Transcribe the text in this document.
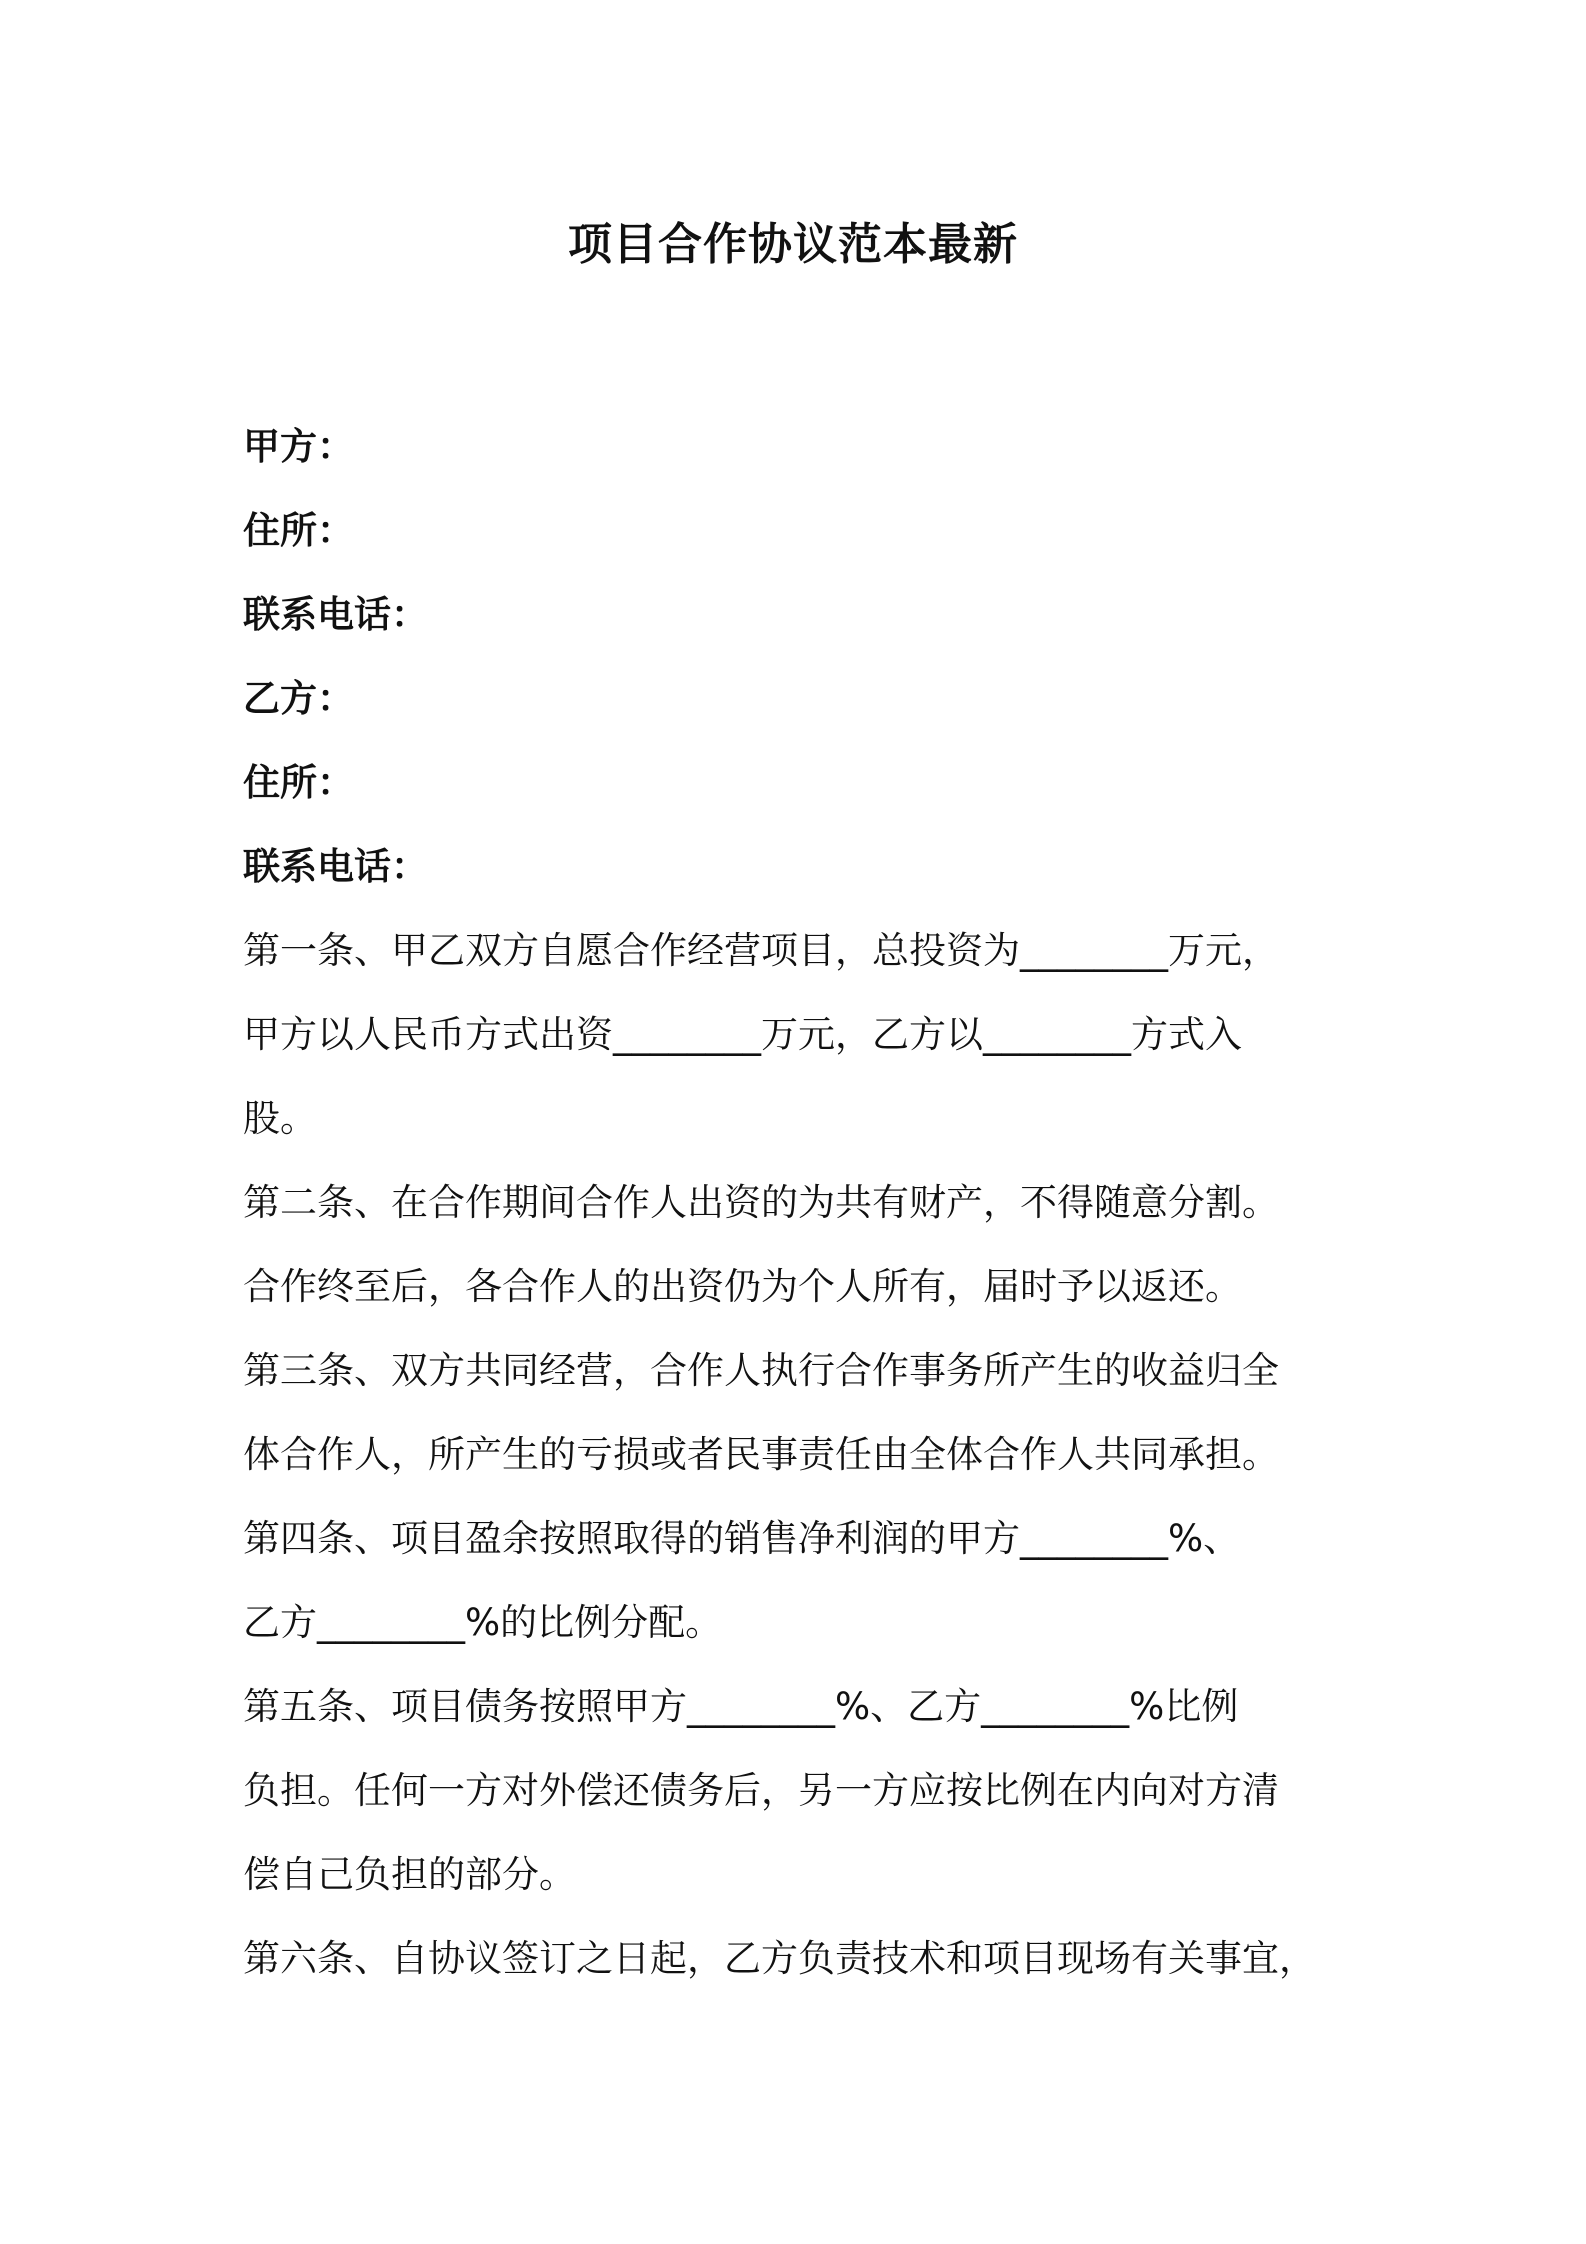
项目合作协议范本最新
甲方：
住所：
联系电话：
乙方：
住所：
联系电话：
第一条、甲乙双方自愿合作经营项目，总投资为________万元，
甲方以人民币方式出资________万元，乙方以________方式入
股。
第二条、在合作期间合作人出资的为共有财产，不得随意分割。
合作终至后，各合作人的出资仍为个人所有，届时予以返还。
第三条、双方共同经营，合作人执行合作事务所产生的收益归全
体合作人，所产生的亏损或者民事责任由全体合作人共同承担。
第四条、项目盈余按照取得的销售净利润的甲方________%、
乙方________%的比例分配。
第五条、项目债务按照甲方________%、乙方________%比例
负担。任何一方对外偿还债务后，另一方应按比例在内向对方清
偿自己负担的部分。
第六条、自协议签订之日起，乙方负责技术和项目现场有关事宜，
